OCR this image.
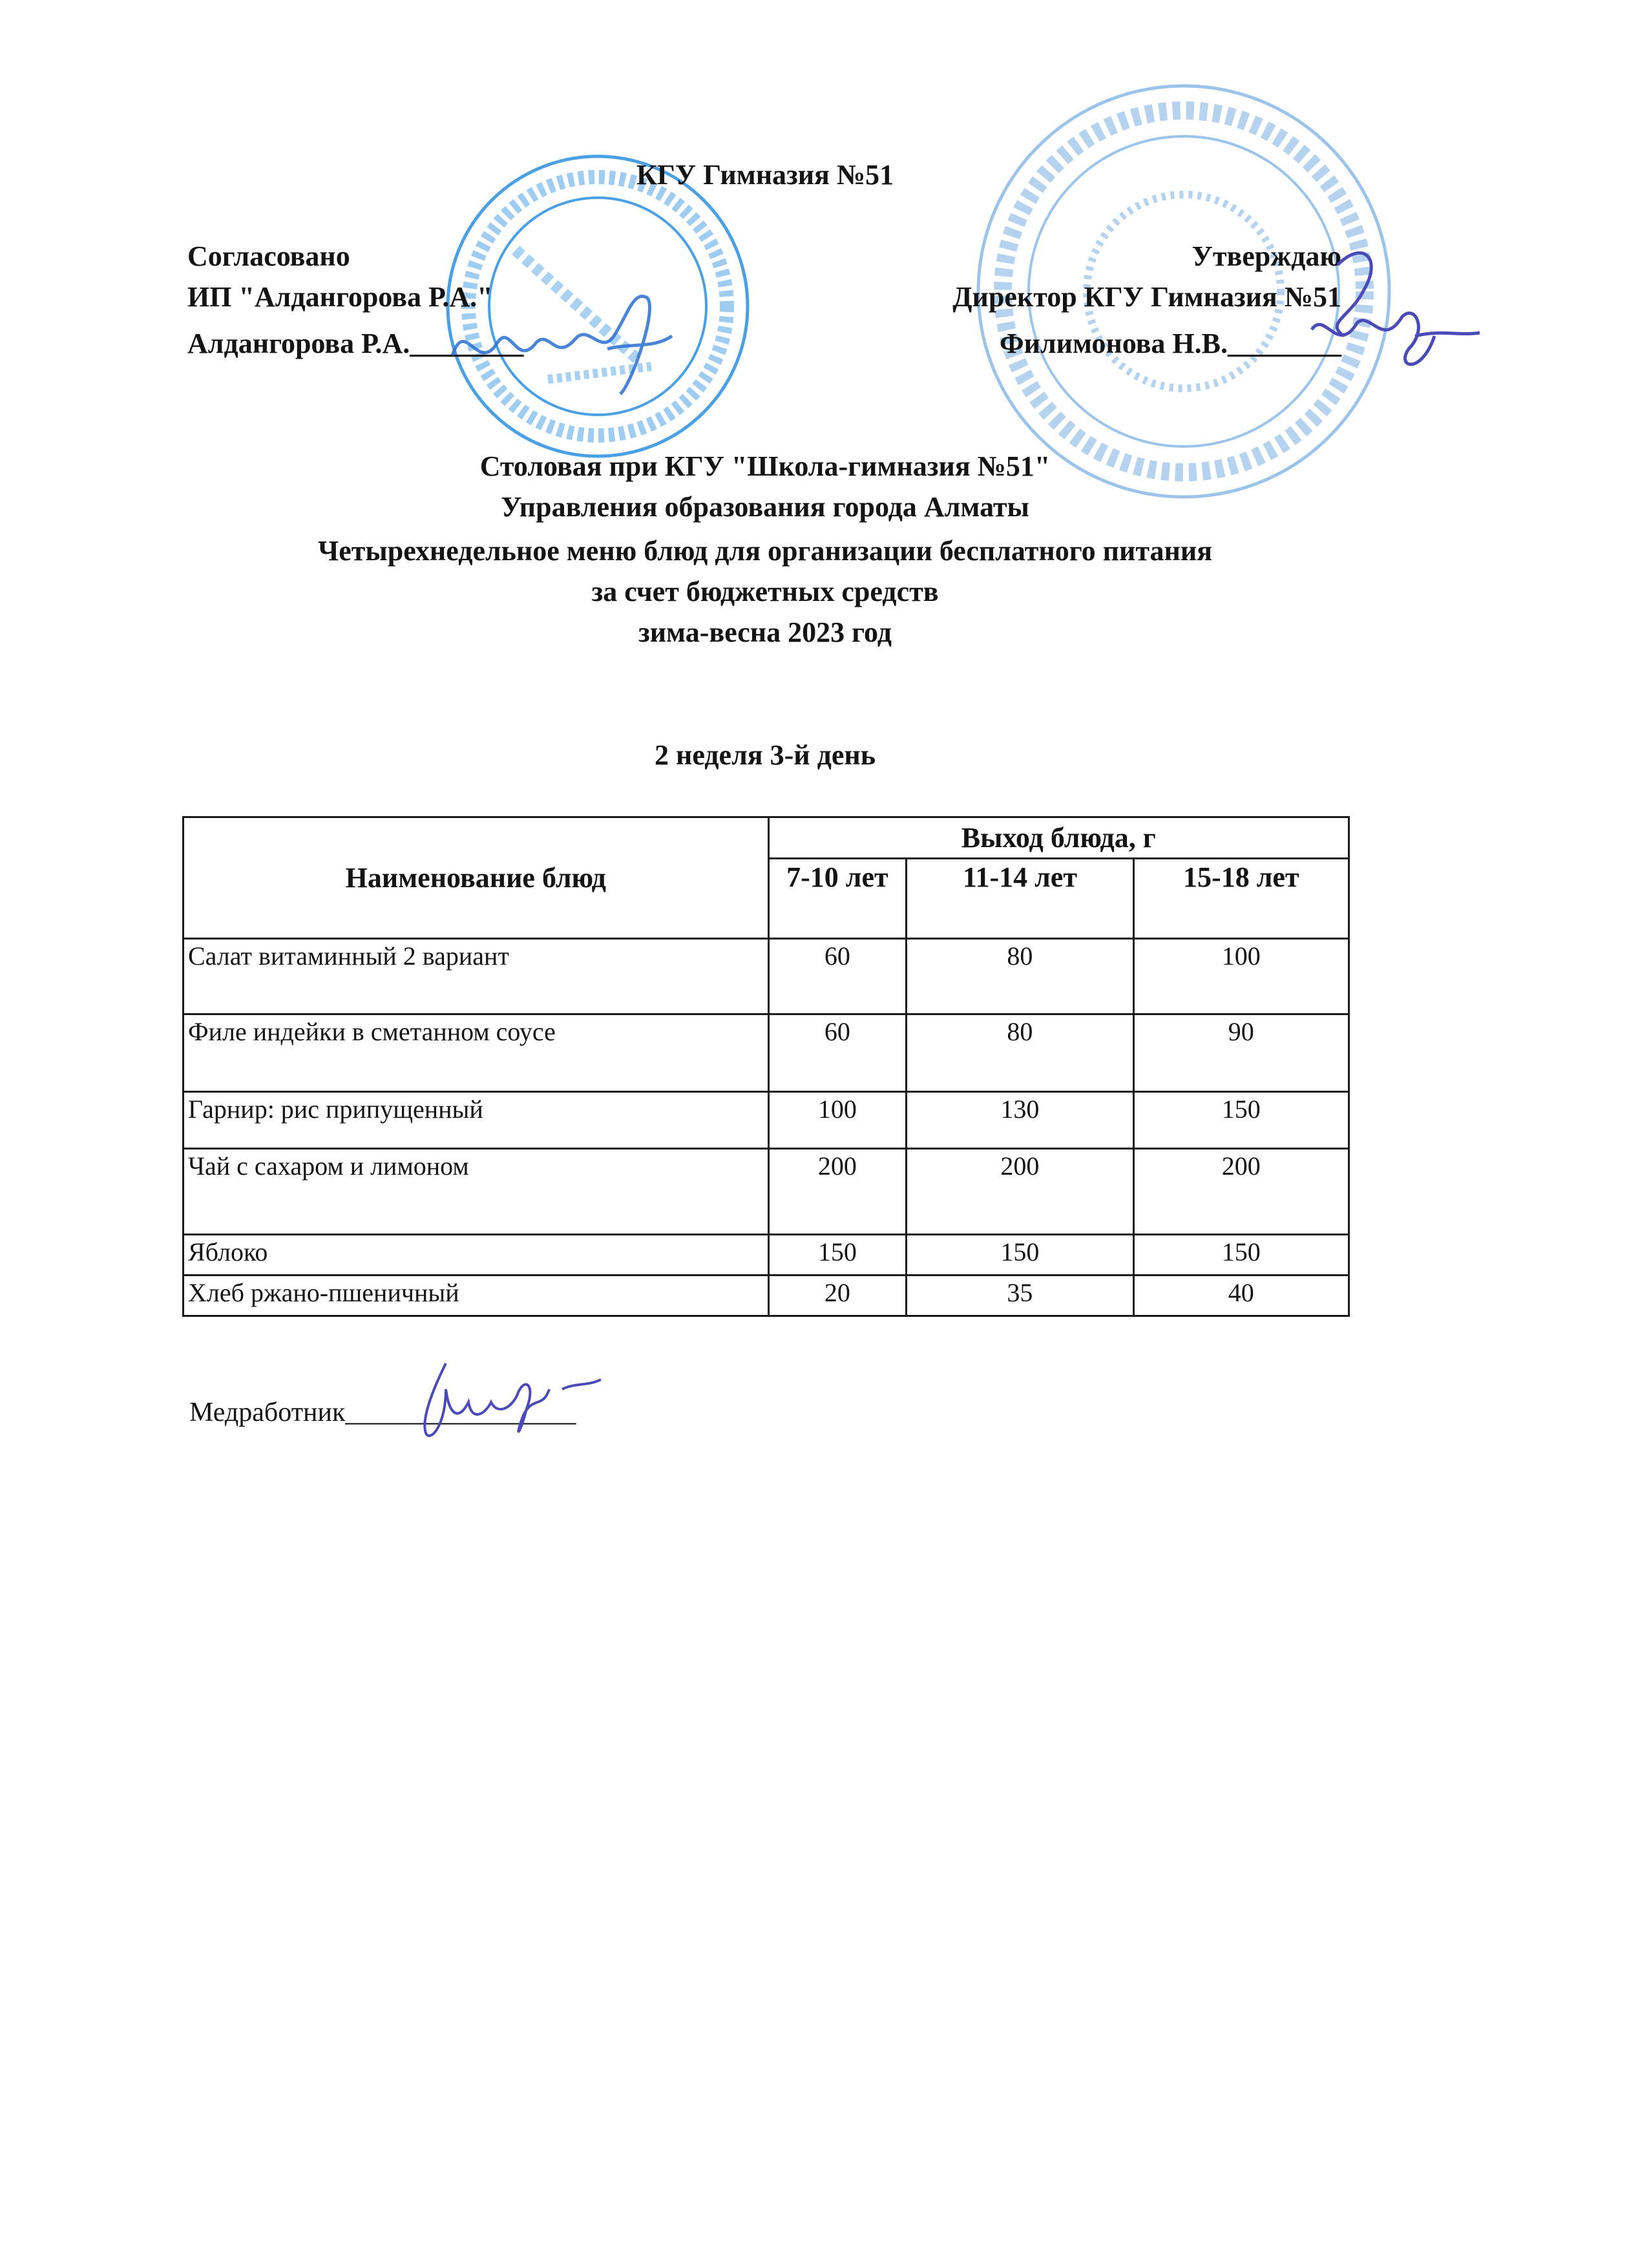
КГУ Гимназия №51
Согласовано
ИП "Алдангорова Р.А."
Алдангорова Р.А.________
Утверждаю
Директор КГУ Гимназия №51
Филимонова Н.В.________
Столовая при КГУ "Школа-гимназия №51"
Управления образования города Алматы
Четырехнедельное меню блюд для организации бесплатного питания
за счет бюджетных средств
зима-весна 2023 год
2 неделя 3-й день
Наименование блюд	Выход блюда, г		
	7-10 лет	11-14 лет	15-18 лет
Салат витаминный 2 вариант	60	80	100
Филе индейки в сметанном соусе	60	80	90
Гарнир: рис припущенный	100	130	150
Чай с сахаром и лимоном	200	200	200
Яблоко	150	150	150
Хлеб ржано-пшеничный	20	35	40
Медработник_________________
